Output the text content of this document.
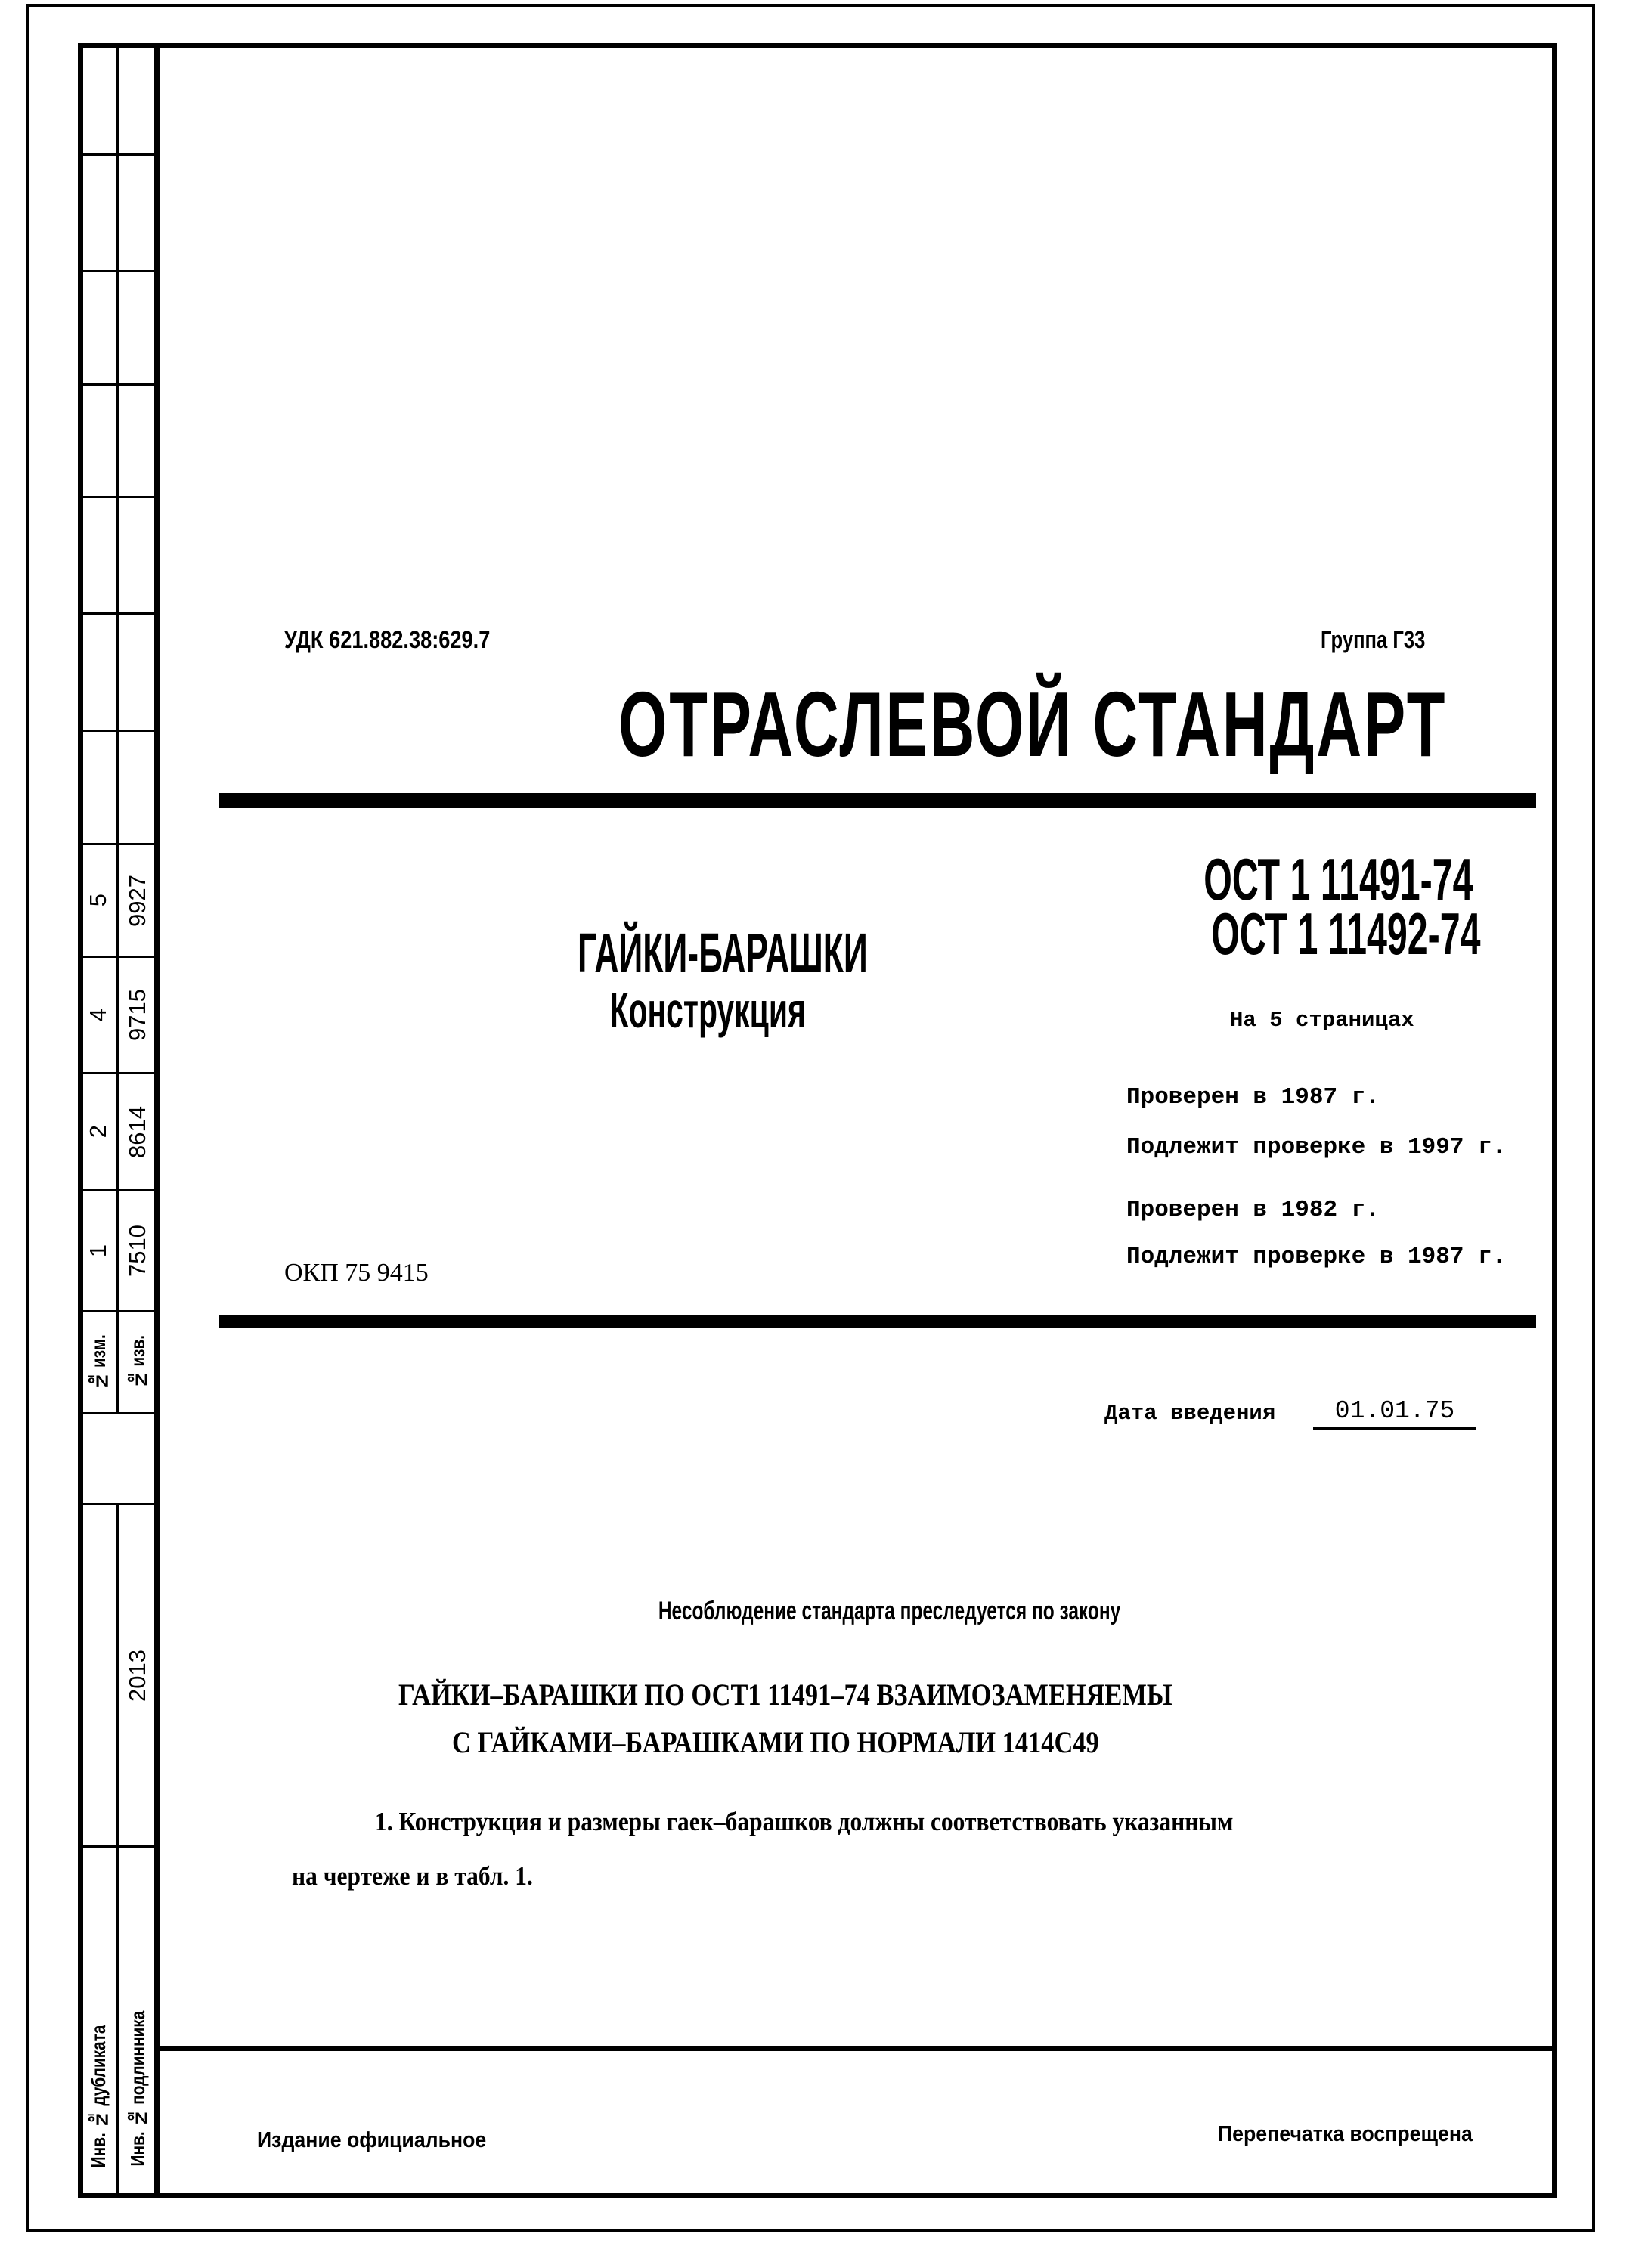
5 9927
4 9715
2 8614
1 7510
№ изм. № изв.
2013
Инв. № дубликата Инв. № подлинника
УДК 621.882.38:629.7	Группа Г33
ОТРАСЛЕВОЙ СТАНДАРТ
ОСТ 1 11491-74
ОСТ 1 11492-74
ГАЙКИ-БАРАШКИ
Конструкция	На 5 страницах
Проверен в 1987 г.
Подлежит проверке в 1997 г.
Проверен в 1982 г.
Подлежит проверке в 1987 г.
ОКП 75 9415
Дата введения	01.01.75
Несоблюдение стандарта преследуется по закону
ГАЙКИ–БАРАШКИ ПО ОСТ1 11491–74 ВЗАИМОЗАМЕНЯЕМЫ
С ГАЙКАМИ–БАРАШКАМИ ПО НОРМАЛИ 1414С49
1. Конструкция и размеры гаек–барашков должны соответствовать указанным
на чертеже и в табл. 1.
Издание официальное	Перепечатка воспрещена
